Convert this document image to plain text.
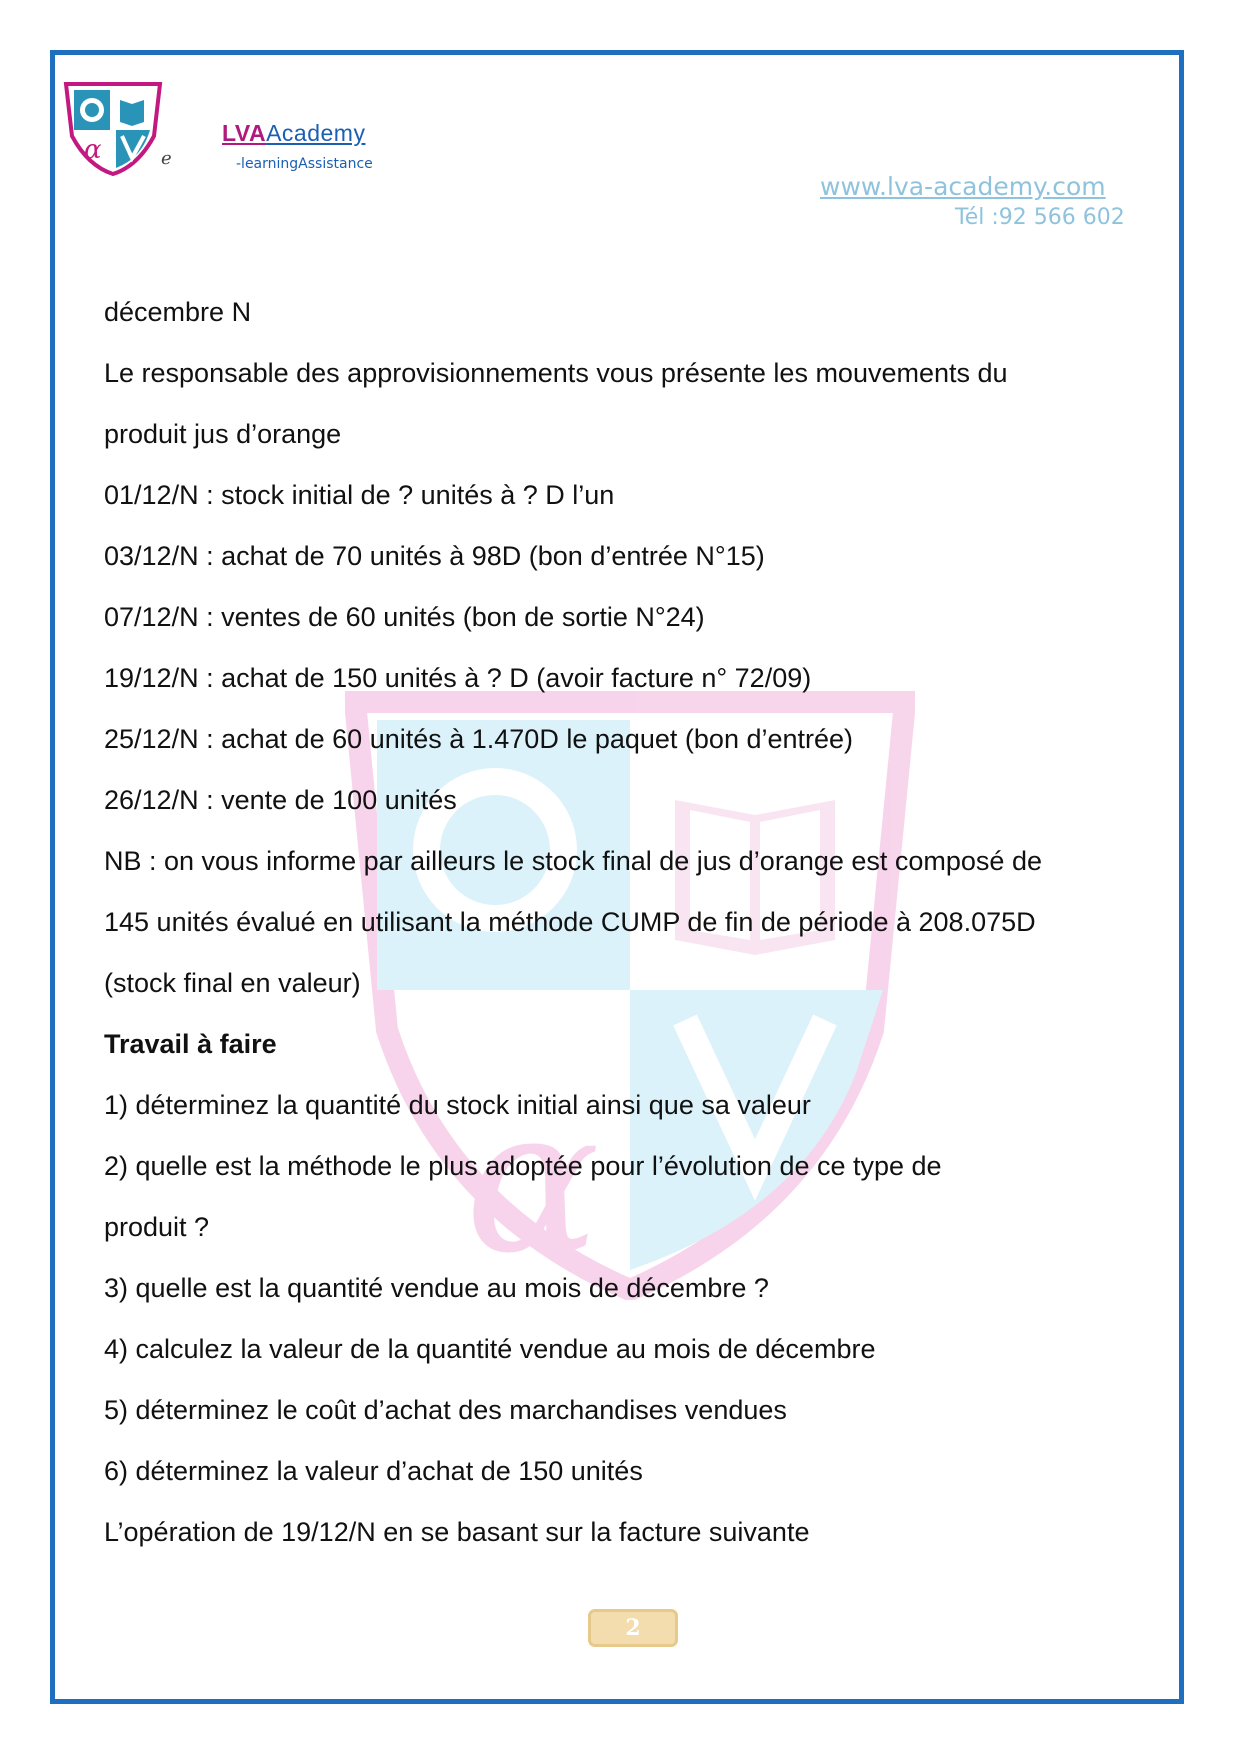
α	e
LVAAcademy
-learningAssistance
www.lva-academy.com
Tél :92 566 602
α
décembre N
Le responsable des approvisionnements vous présente les mouvements du
produit jus d’orange
01/12/N : stock initial de ? unités à ? D l’un
03/12/N : achat de 70 unités à 98D (bon d’entrée N°15)
07/12/N : ventes de 60 unités (bon de sortie N°24)
19/12/N : achat de 150 unités à ? D (avoir facture n° 72/09)
25/12/N : achat de 60 unités à 1.470D le paquet (bon d’entrée)
26/12/N : vente de 100 unités
NB : on vous informe par ailleurs le stock final de jus d’orange est composé de
145 unités évalué en utilisant la méthode CUMP de fin de période à 208.075D
(stock final en valeur)
Travail à faire
1) déterminez la quantité du stock initial ainsi que sa valeur
2) quelle est la méthode le plus adoptée pour l’évolution de ce type de
produit ?
3) quelle est la quantité vendue au mois de décembre ?
4) calculez la valeur de la quantité vendue au mois de décembre
5) déterminez le coût d’achat des marchandises vendues
6) déterminez la valeur d’achat de 150 unités
L’opération de 19/12/N en se basant sur la facture suivante
2
